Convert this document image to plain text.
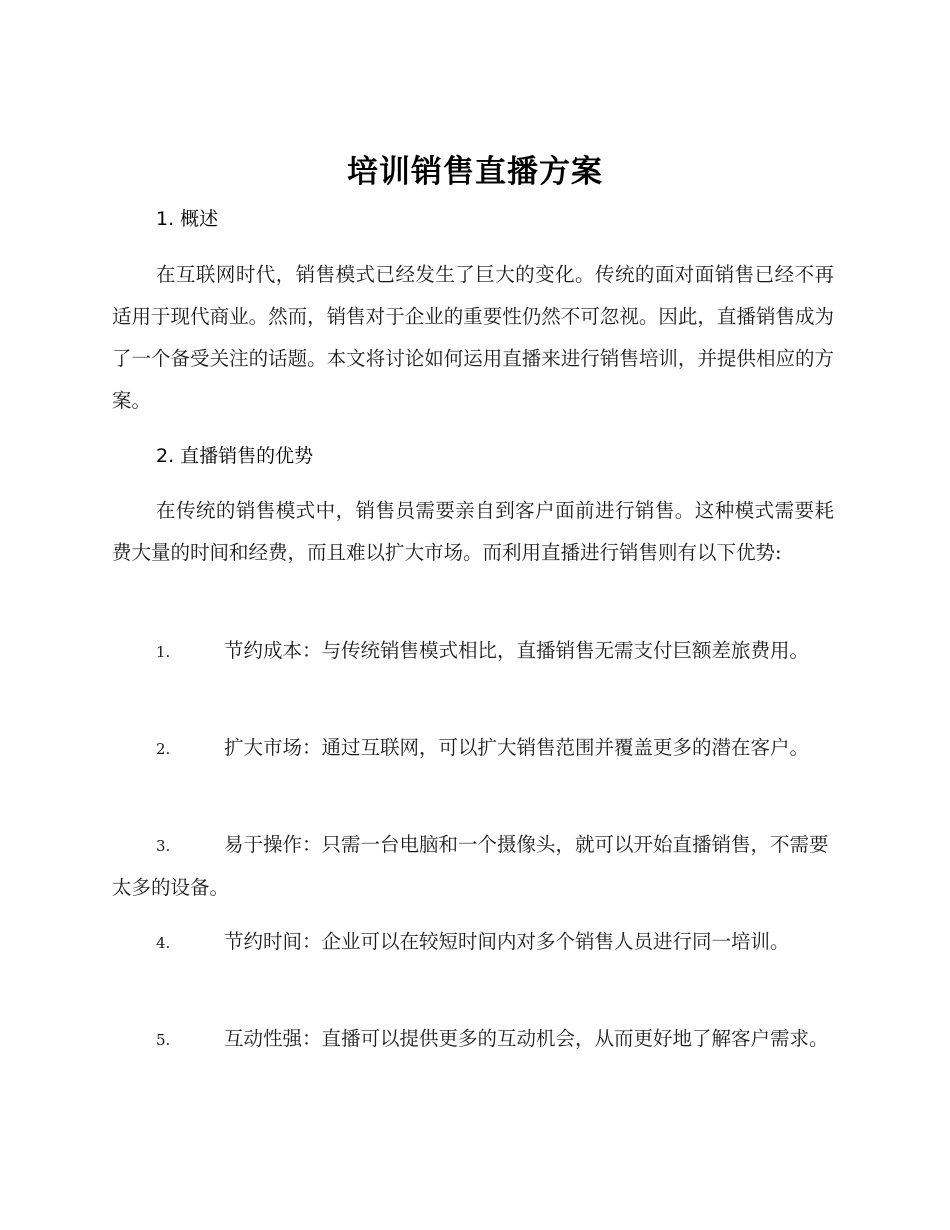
培训销售直播方案
1. 概述

在互联网时代，销售模式已经发生了巨大的变化。传统的面对面销售已经不再适用于现代商业。然而，销售对于企业的重要性仍然不可忽视。因此，直播销售成为了一个备受关注的话题。本文将讨论如何运用直播来进行销售培训，并提供相应的方案。

2. 直播销售的优势

在传统的销售模式中，销售员需要亲自到客户面前进行销售。这种模式需要耗费大量的时间和经费，而且难以扩大市场。而利用直播进行销售则有以下优势:

1.	节约成本：与传统销售模式相比，直播销售无需支付巨额差旅费用。

2.	扩大市场：通过互联网，可以扩大销售范围并覆盖更多的潜在客户。

3.	易于操作：只需一台电脑和一个摄像头，就可以开始直播销售，不需要太多的设备。

4.	节约时间：企业可以在较短时间内对多个销售人员进行同一培训。

5.	互动性强：直播可以提供更多的互动机会，从而更好地了解客户需求。
